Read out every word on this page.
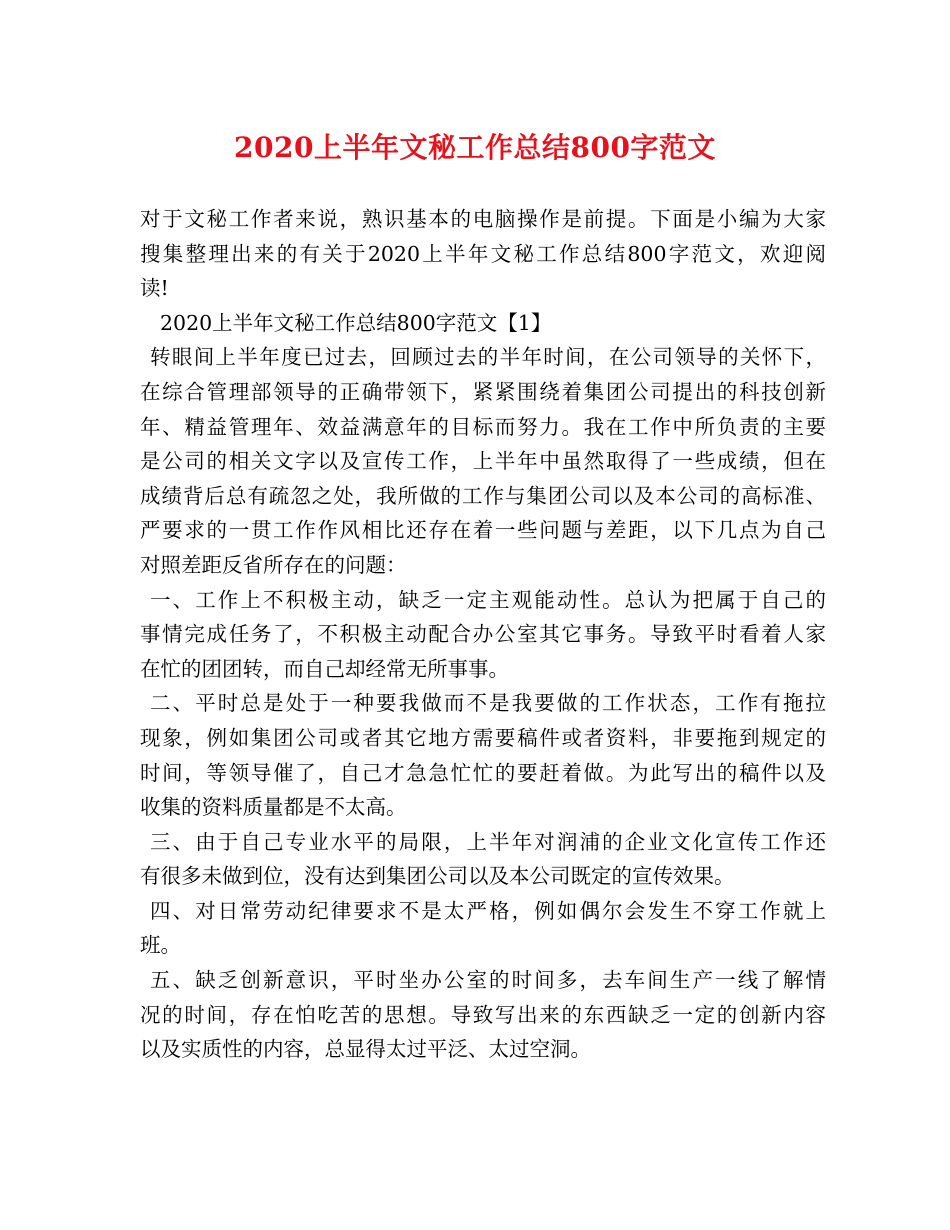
2020上半年文秘工作总结800字范文
对于文秘工作者来说，熟识基本的电脑操作是前提。下面是小编为大家
搜集整理出来的有关于2020上半年文秘工作总结800字范文，欢迎阅
读!
2020上半年文秘工作总结800字范文【1】
转眼间上半年度已过去，回顾过去的半年时间，在公司领导的关怀下，
在综合管理部领导的正确带领下，紧紧围绕着集团公司提出的科技创新
年、精益管理年、效益满意年的目标而努力。我在工作中所负责的主要
是公司的相关文字以及宣传工作，上半年中虽然取得了一些成绩，但在
成绩背后总有疏忽之处，我所做的工作与集团公司以及本公司的高标准、
严要求的一贯工作作风相比还存在着一些问题与差距，以下几点为自己
对照差距反省所存在的问题：
一、工作上不积极主动，缺乏一定主观能动性。总认为把属于自己的
事情完成任务了，不积极主动配合办公室其它事务。导致平时看着人家
在忙的团团转，而自己却经常无所事事。
二、平时总是处于一种要我做而不是我要做的工作状态，工作有拖拉
现象，例如集团公司或者其它地方需要稿件或者资料，非要拖到规定的
时间，等领导催了，自己才急急忙忙的要赶着做。为此写出的稿件以及
收集的资料质量都是不太高。
三、由于自己专业水平的局限，上半年对润浦的企业文化宣传工作还
有很多未做到位，没有达到集团公司以及本公司既定的宣传效果。
四、对日常劳动纪律要求不是太严格，例如偶尔会发生不穿工作就上
班。
五、缺乏创新意识，平时坐办公室的时间多，去车间生产一线了解情
况的时间，存在怕吃苦的思想。导致写出来的东西缺乏一定的创新内容
以及实质性的内容，总显得太过平泛、太过空洞。
